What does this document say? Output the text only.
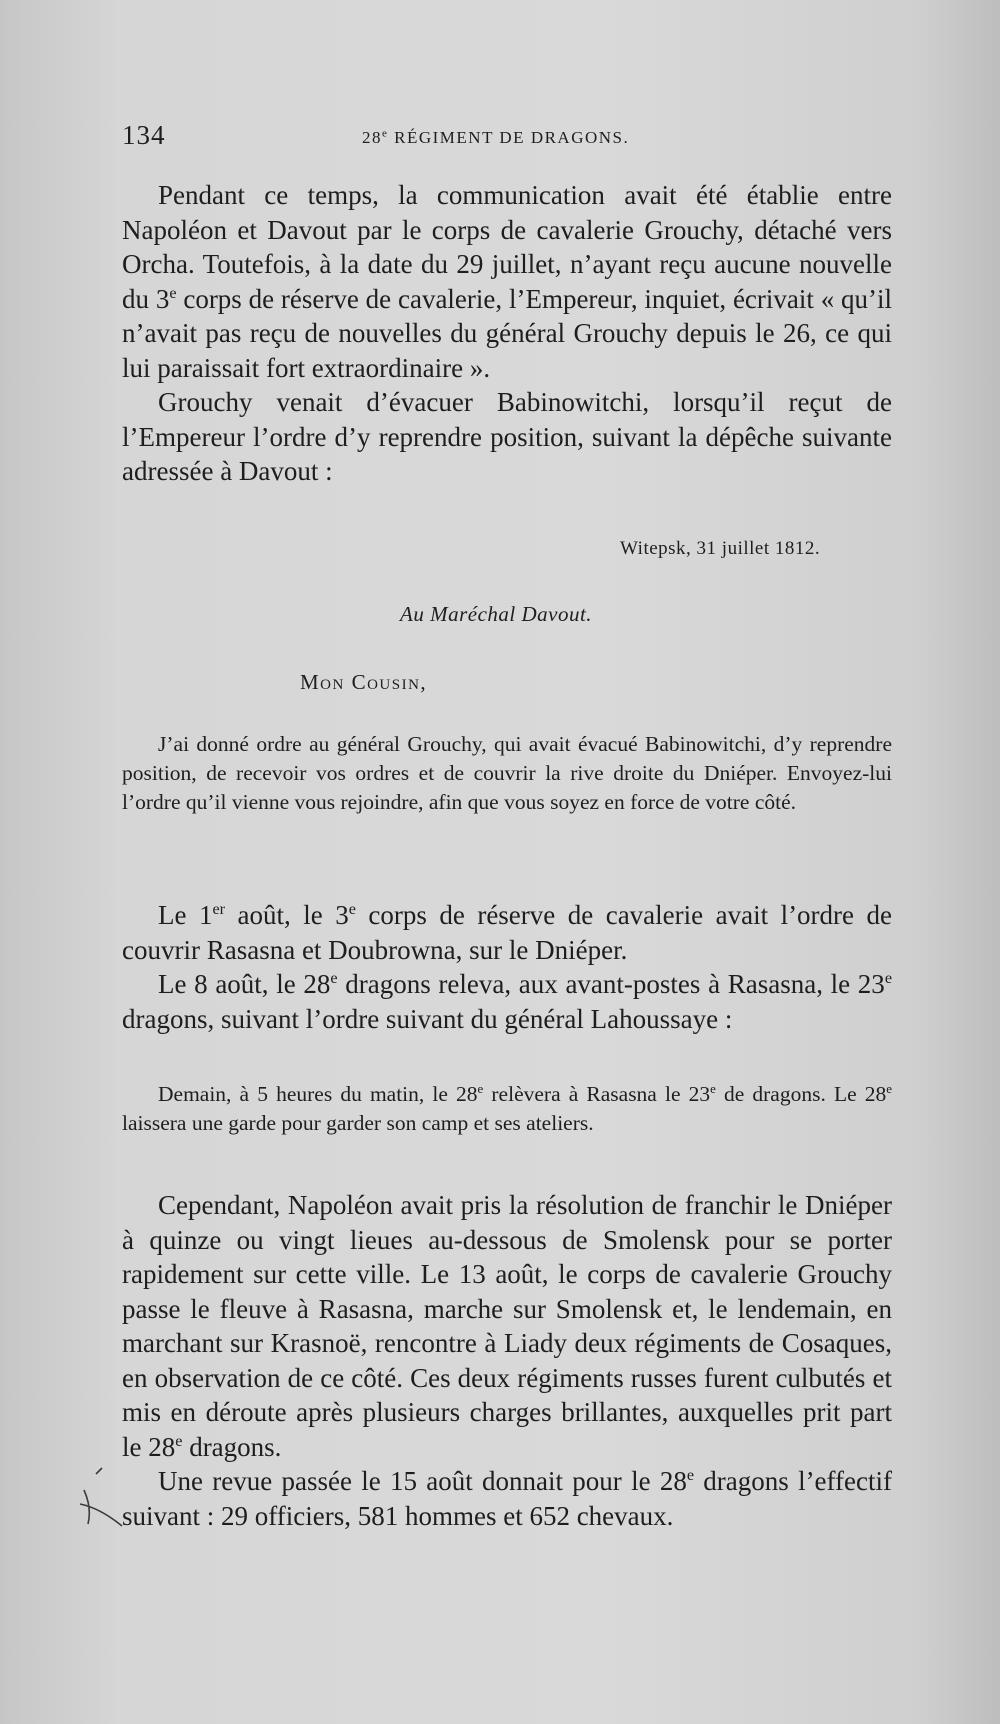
134	28e RÉGIMENT DE DRAGONS.

Pendant ce temps, la communication avait été établie entre Napoléon et Davout par le corps de cavalerie Grouchy, détaché vers Orcha. Toutefois, à la date du 29 juillet, n’ayant reçu aucune nouvelle du 3e corps de réserve de cavalerie, l’Empereur, inquiet, écrivait « qu’il n’avait pas reçu de nouvelles du général Grouchy depuis le 26, ce qui lui paraissait fort extraordinaire ».

Grouchy venait d’évacuer Babinowitchi, lorsqu’il reçut de l’Empereur l’ordre d’y reprendre position, suivant la dépêche suivante adressée à Davout :

Witepsk, 31 juillet 1812.
Au Maréchal Davout.
Mon Cousin,

J’ai donné ordre au général Grouchy, qui avait évacué Babinowitchi, d’y reprendre position, de recevoir vos ordres et de couvrir la rive droite du Dniéper. Envoyez-lui l’ordre qu’il vienne vous rejoindre, afin que vous soyez en force de votre côté.

Le 1er août, le 3e corps de réserve de cavalerie avait l’ordre de couvrir Rasasna et Doubrowna, sur le Dniéper.

Le 8 août, le 28e dragons releva, aux avant-postes à Rasasna, le 23e dragons, suivant l’ordre suivant du général Lahoussaye :

Demain, à 5 heures du matin, le 28e relèvera à Rasasna le 23e de dragons. Le 28e laissera une garde pour garder son camp et ses ateliers.

Cependant, Napoléon avait pris la résolution de franchir le Dniéper à quinze ou vingt lieues au-dessous de Smolensk pour se porter rapidement sur cette ville. Le 13 août, le corps de cavalerie Grouchy passe le fleuve à Rasasna, marche sur Smolensk et, le lendemain, en marchant sur Krasnoë, rencontre à Liady deux régiments de Cosaques, en observation de ce côté. Ces deux régiments russes furent culbutés et mis en déroute après plusieurs charges brillantes, auxquelles prit part le 28e dragons.

Une revue passée le 15 août donnait pour le 28e dragons l’effectif suivant : 29 officiers, 581 hommes et 652 chevaux.
